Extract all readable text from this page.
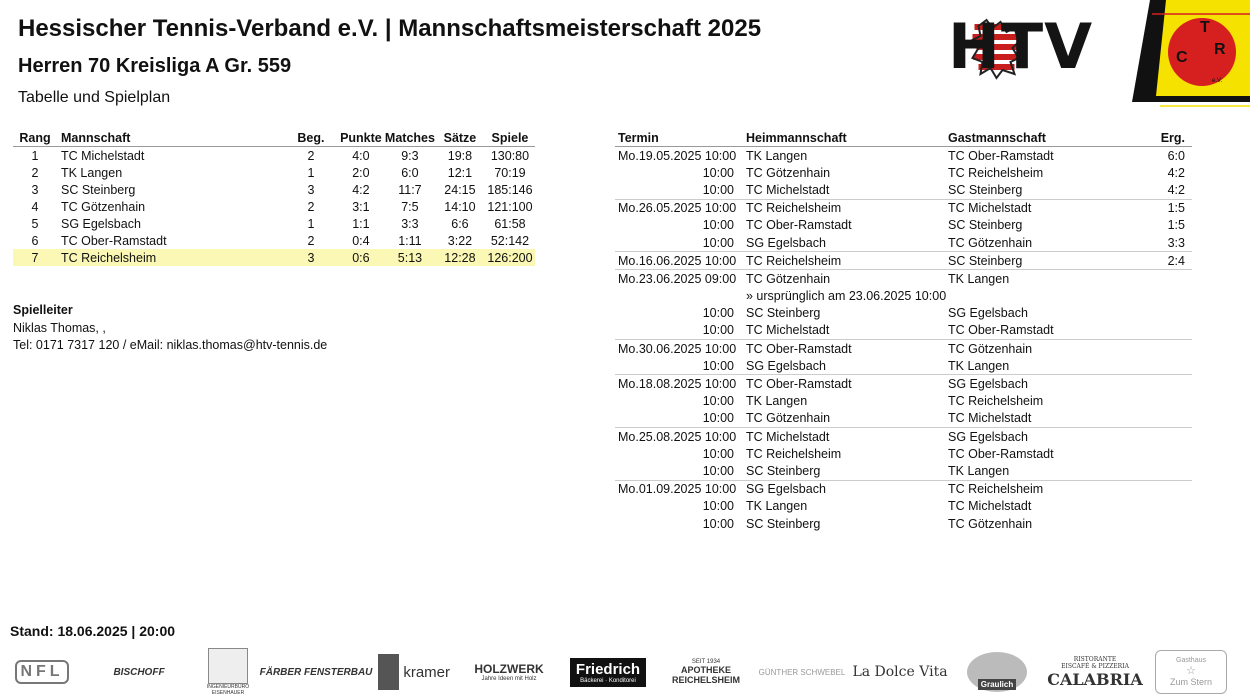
Hessischer Tennis-Verband e.V. | Mannschaftsmeisterschaft 2025
Herren 70 Kreisliga A Gr. 559
Tabelle und Spielplan
HTV	T
C R
e.V.
Rang	Mannschaft	Beg.	Punkte	Matches	Sätze	Spiele
1	TC Michelstadt	2	4:0	9:3	19:8	130:80
2	TK Langen	1	2:0	6:0	12:1	70:19
3	SC Steinberg	3	4:2	11:7	24:15	185:146
4	TC Götzenhain	2	3:1	7:5	14:10	121:100
5	SG Egelsbach	1	1:1	3:3	6:6	61:58
6	TC Ober-Ramstadt	2	0:4	1:11	3:22	52:142
7	TC Reichelsheim	3	0:6	5:13	12:28	126:200
Termin	Heimmannschaft	Gastmannschaft	Erg.
Mo.19.05.2025 10:00	TK Langen	TC Ober-Ramstadt	6:0
10:00	TC Götzenhain	TC Reichelsheim	4:2
10:00	TC Michelstadt	SC Steinberg	4:2
Mo.26.05.2025 10:00	TC Reichelsheim	TC Michelstadt	1:5
10:00	TC Ober-Ramstadt	SC Steinberg	1:5
10:00	SG Egelsbach	TC Götzenhain	3:3
Mo.16.06.2025 10:00	TC Reichelsheim	SC Steinberg	2:4
Mo.23.06.2025 09:00	TC Götzenhain	TK Langen	
	» ursprünglich am 23.06.2025 10:00		
10:00	SC Steinberg	SG Egelsbach	
10:00	TC Michelstadt	TC Ober-Ramstadt	
Mo.30.06.2025 10:00	TC Ober-Ramstadt	TC Götzenhain	
10:00	SG Egelsbach	TK Langen	
Mo.18.08.2025 10:00	TC Ober-Ramstadt	SG Egelsbach	
10:00	TK Langen	TC Reichelsheim	
10:00	TC Götzenhain	TC Michelstadt	
Mo.25.08.2025 10:00	TC Michelstadt	SG Egelsbach	
10:00	TC Reichelsheim	TC Ober-Ramstadt	
10:00	SC Steinberg	TK Langen	
Mo.01.09.2025 10:00	SG Egelsbach	TC Reichelsheim	
10:00	TK Langen	TC Michelstadt	
10:00	SC Steinberg	TC Götzenhain	
Spielleiter
Niklas Thomas, ,
Tel: 0171 7317 120 / eMail: niklas.thomas@htv-tennis.de
Stand: 18.06.2025 | 20:00
NFL	BISCHOFF
INGENIEURBÜRO EISENHAUER
FÄRBER FENSTERBAU kramer HOLZWERK
Jahre Ideen mit Holz
Friedrich
Bäckerei · Konditorei
SEIT 1934
APOTHEKE REICHELSHEIM
GÜNTHER SCHWEBEL La Dolce Vita
Graulich
RISTORANTE
EISCAFÉ & PIZZERIA
CALABRIA
Gasthaus
☆
Zum Stern
